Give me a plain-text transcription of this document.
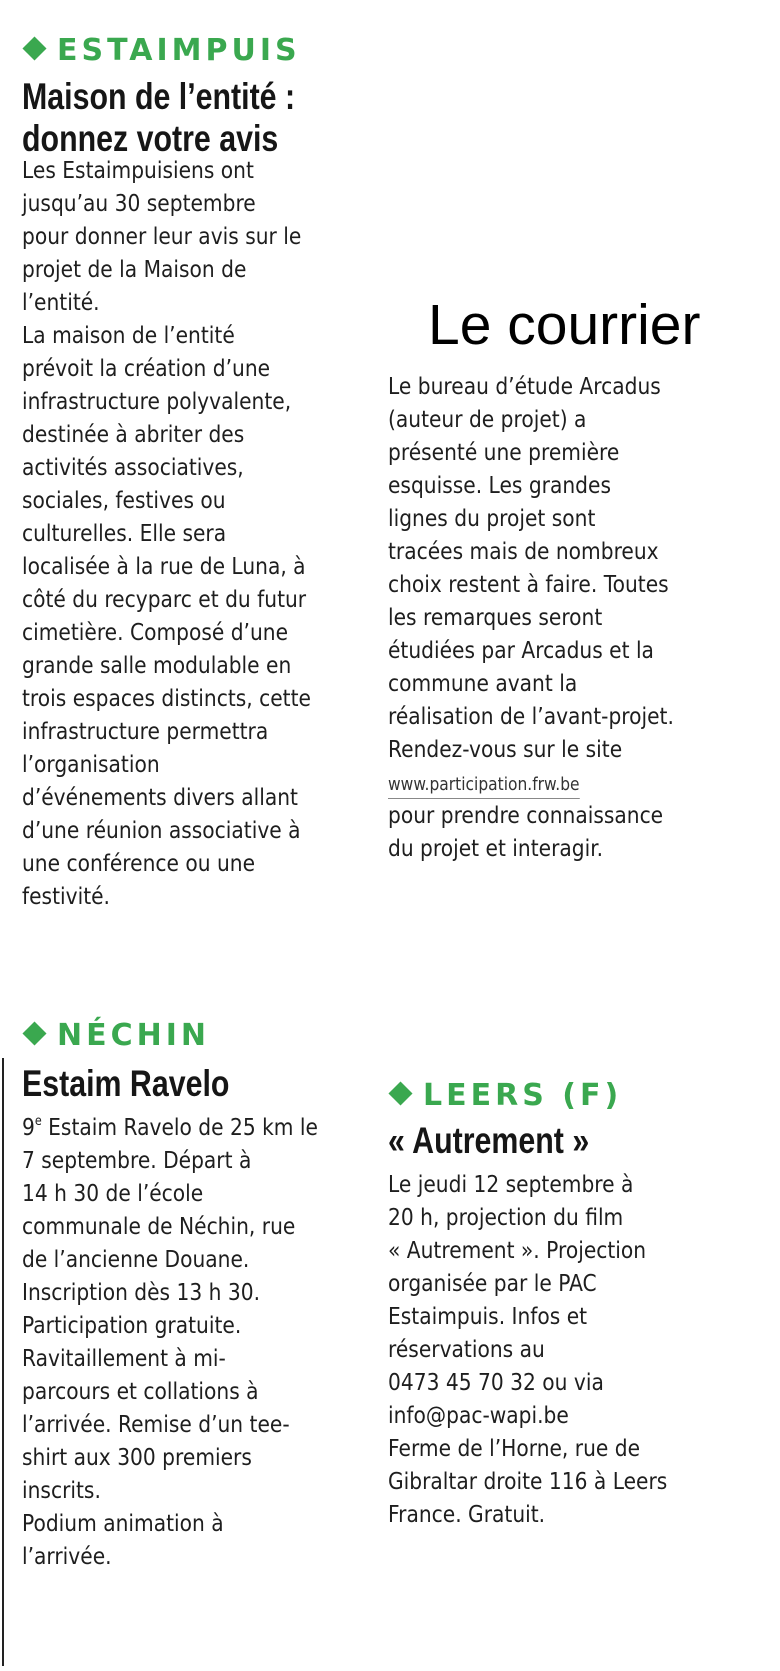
ESTAIMPUIS
Maison de l’entité :
donnez votre avis
Les Estaimpuisiens ont
jusqu’au 30 septembre
pour donner leur avis sur le
projet de la Maison de
l’entité.
La maison de l’entité
prévoit la création d’une
infrastructure polyvalente,
destinée à abriter des
activités associatives,
sociales, festives ou
culturelles. Elle sera
localisée à la rue de Luna, à
côté du recyparc et du futur
cimetière. Composé d’une
grande salle modulable en
trois espaces distincts, cette
infrastructure permettra
l’organisation
d’événements divers allant
d’une réunion associative à
une conférence ou une
festivité.
Le courrier
Le bureau d’étude Arcadus
(auteur de projet) a
présenté une première
esquisse. Les grandes
lignes du projet sont
tracées mais de nombreux
choix restent à faire. Toutes
les remarques seront
étudiées par Arcadus et la
commune avant la
réalisation de l’avant-projet.
Rendez-vous sur le site
www.participation.frw.be
pour prendre connaissance
du projet et interagir.
NÉCHIN
Estaim Ravelo
9e Estaim Ravelo de 25 km le
7 septembre. Départ à
14 h 30 de l’école
communale de Néchin, rue
de l’ancienne Douane.
Inscription dès 13 h 30.
Participation gratuite.
Ravitaillement à mi-
parcours et collations à
l’arrivée. Remise d’un tee-
shirt aux 300 premiers
inscrits.
Podium animation à
l’arrivée.
LEERS (F)
« Autrement »
Le jeudi 12 septembre à
20 h, projection du film
« Autrement ». Projection
organisée par le PAC
Estaimpuis. Infos et
réservations au
0473 45 70 32 ou via
info@pac-wapi.be
Ferme de l’Horne, rue de
Gibraltar droite 116 à Leers
France. Gratuit.
